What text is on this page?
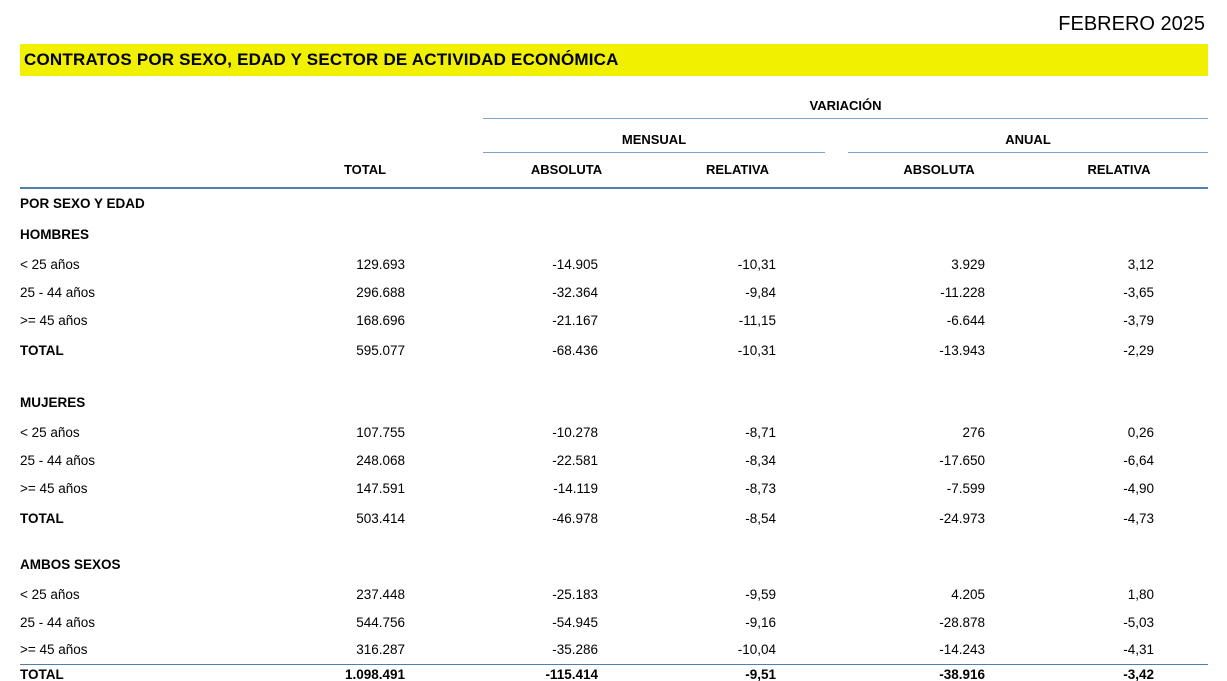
FEBRERO 2025
CONTRATOS POR SEXO, EDAD Y SECTOR DE ACTIVIDAD ECONÓMICA
		VARIACIÓN				
		MENSUAL			ANUAL	
	TOTAL	ABSOLUTA	RELATIVA		ABSOLUTA	RELATIVA
POR SEXO Y EDAD						
HOMBRES						
< 25 años	129.693	-14.905	-10,31		3.929	3,12
25 - 44 años	296.688	-32.364	-9,84		-11.228	-3,65
>= 45 años	168.696	-21.167	-11,15		-6.644	-3,79
TOTAL	595.077	-68.436	-10,31		-13.943	-2,29

MUJERES						
< 25 años	107.755	-10.278	-8,71		276	0,26
25 - 44 años	248.068	-22.581	-8,34		-17.650	-6,64
>= 45 años	147.591	-14.119	-8,73		-7.599	-4,90
TOTAL	503.414	-46.978	-8,54		-24.973	-4,73

AMBOS SEXOS						
< 25 años	237.448	-25.183	-9,59		4.205	1,80
25 - 44 años	544.756	-54.945	-9,16		-28.878	-5,03
>= 45 años	316.287	-35.286	-10,04		-14.243	-4,31
TOTAL	1.098.491	-115.414	-9,51		-38.916	-3,42
